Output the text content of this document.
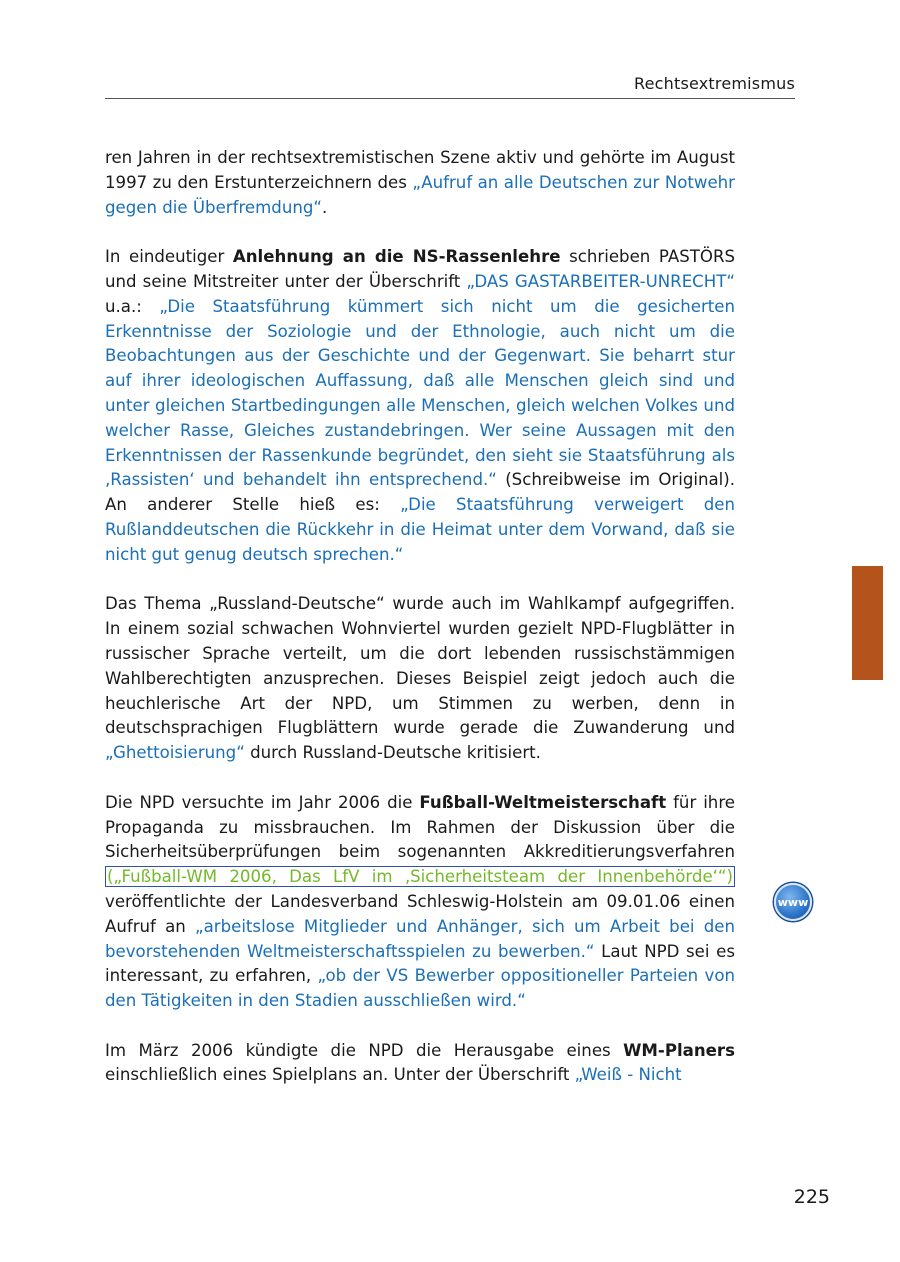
Rechtsextremismus

ren Jahren in der rechtsextremistischen Szene aktiv und gehörte im August 1997 zu den Erstunterzeichnern des „Aufruf an alle Deutschen zur Notwehr gegen die Überfremdung“.

In eindeutiger Anlehnung an die NS-Rassenlehre schrieben PASTÖRS und seine Mitstreiter unter der Überschrift „DAS GASTARBEITER-UNRECHT“ u.a.: „Die Staatsführung kümmert sich nicht um die gesicherten Erkenntnisse der Soziologie und der Ethnologie, auch nicht um die Beobachtungen aus der Geschichte und der Gegenwart. Sie beharrt stur auf ihrer ideologischen Auffassung, daß alle Menschen gleich sind und unter gleichen Startbedingungen alle Menschen, gleich welchen Volkes und welcher Rasse, Gleiches zustandebringen. Wer seine Aussagen mit den Erkenntnissen der Rassenkunde begründet, den sieht sie Staatsführung als ‚Rassisten‘ und behandelt ihn entsprechend.“ (Schreibweise im Original). An anderer Stelle hieß es: „Die Staatsführung verweigert den Rußlanddeutschen die Rückkehr in die Heimat unter dem Vorwand, daß sie nicht gut genug deutsch sprechen.“

Das Thema „Russland-Deutsche“ wurde auch im Wahlkampf aufgegriffen. In einem sozial schwachen Wohnviertel wurden gezielt NPD-Flugblätter in russischer Sprache verteilt, um die dort lebenden russischstämmigen Wahlberechtigten anzusprechen. Dieses Beispiel zeigt jedoch auch die heuchlerische Art der NPD, um Stimmen zu werben, denn in deutschsprachigen Flugblättern wurde gerade die Zuwanderung und „Ghettoisierung“ durch Russland-Deutsche kritisiert.

Die NPD versuchte im Jahr 2006 die Fußball-Weltmeisterschaft für ihre Propaganda zu missbrauchen. Im Rahmen der Diskussion über die Sicherheitsüberprüfungen beim sogenannten Akkreditierungsverfahren („Fußball-WM 2006, Das LfV im ‚Sicherheitsteam der Innenbehörde‘“) veröffentlichte der Landesverband Schleswig-Holstein am 09.01.06 einen Aufruf an „arbeitslose Mitglieder und Anhänger, sich um Arbeit bei den bevorstehenden Weltmeisterschaftsspielen zu bewerben.“ Laut NPD sei es interessant, zu erfahren, „ob der VS Bewerber oppositioneller Parteien von den Tätigkeiten in den Stadien ausschließen wird.“

Im März 2006 kündigte die NPD die Herausgabe eines WM-Planers einschließlich eines Spielplans an. Unter der Überschrift „Weiß - Nicht

www
225
